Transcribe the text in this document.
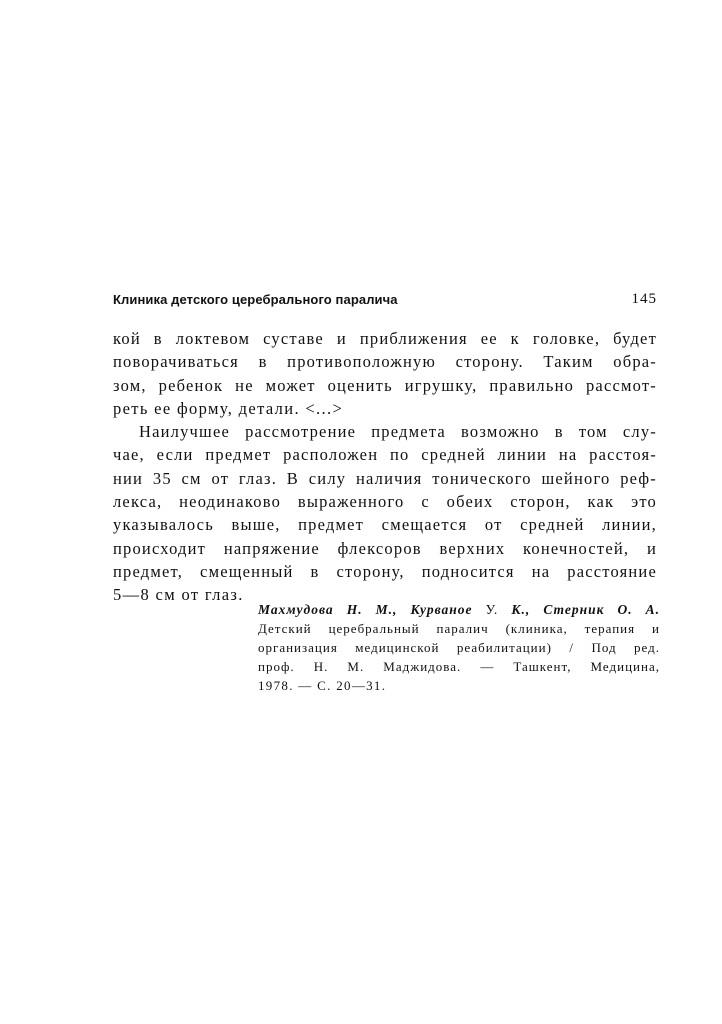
Клиника детского церебрального паралича	145
кой в локтевом суставе и приближения ее к головке, будет
поворачиваться в противоположную сторону. Таким обра-
зом, ребенок не может оценить игрушку, правильно рассмот-
реть ее форму, детали. <...>
Наилучшее рассмотрение предмета возможно в том слу-
чае, если предмет расположен по средней линии на расстоя-
нии 35 см от глаз. В силу наличия тонического шейного реф-
лекса, неодинаково выраженного с обеих сторон, как это
указывалось выше, предмет смещается от средней линии,
происходит напряжение флексоров верхних конечностей, и
предмет, смещенный в сторону, подносится на расстояние
5—8 см от глаз.
Махмудова Н. М., Курваное У. К., Стерник О. А.
Детский церебральный паралич (клиника, терапия и
организация медицинской реабилитации) / Под ред.
проф. Н. М. Маджидова. — Ташкент, Медицина,
1978. — С. 20—31.
